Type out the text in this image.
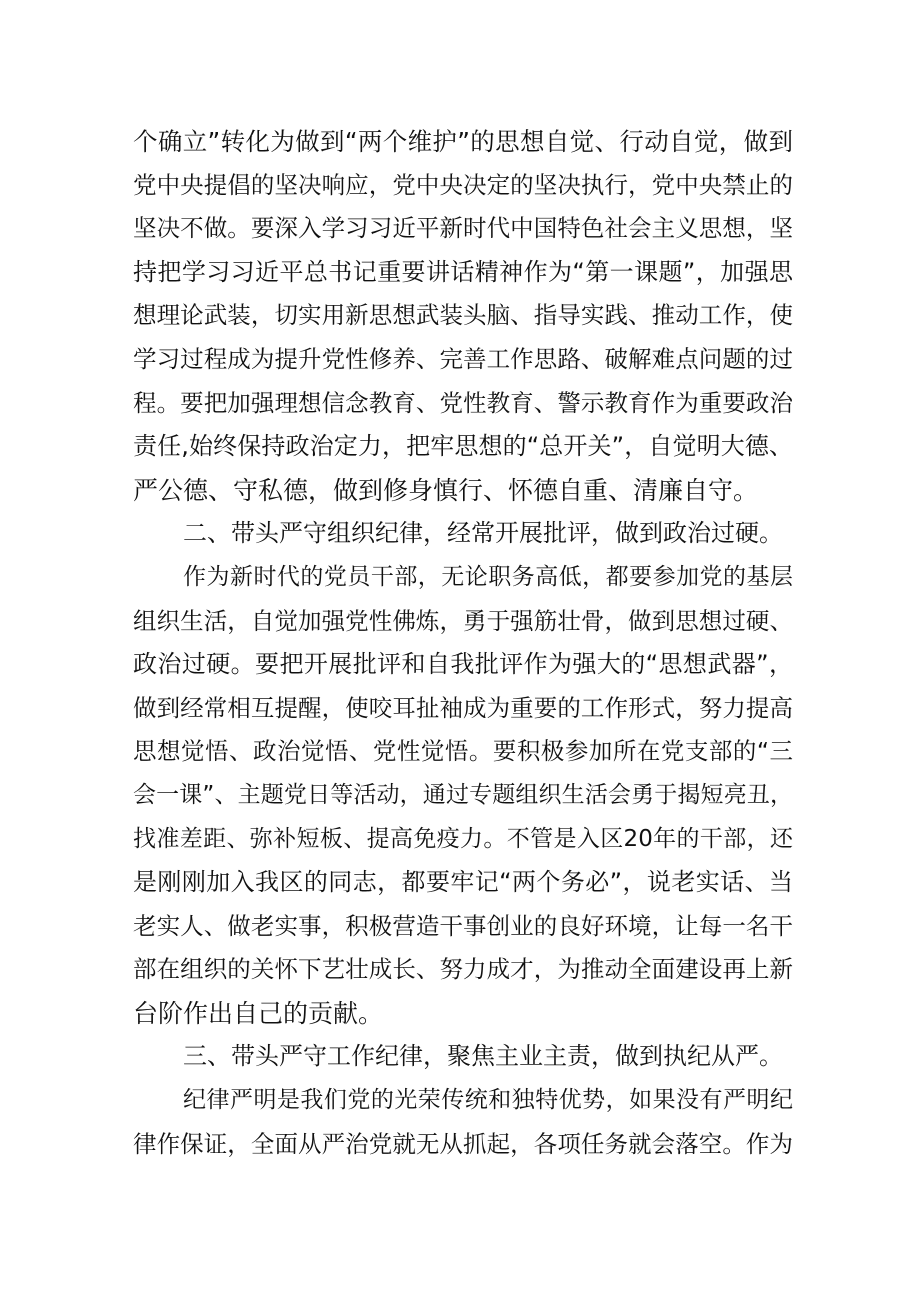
个确立”转化为做到“两个维护”的思想自觉、行动自觉，做到
党中央提倡的坚决响应，党中央决定的坚决执行，党中央禁止的
坚决不做。要深入学习习近平新时代中国特色社会主义思想，坚
持把学习习近平总书记重要讲话精神作为“第一课题”，加强思
想理论武装，切实用新思想武装头脑、指导实践、推动工作，使
学习过程成为提升党性修养、完善工作思路、破解难点问题的过
程。要把加强理想信念教育、党性教育、警示教育作为重要政治
责任,始终保持政治定力，把牢思想的“总开关”，自觉明大德、
严公德、守私德，做到修身慎行、怀德自重、清廉自守。
二、带头严守组织纪律，经常开展批评，做到政治过硬。
作为新时代的党员干部，无论职务高低，都要参加党的基层
组织生活，自觉加强党性佛炼，勇于强筋壮骨，做到思想过硬、
政治过硬。要把开展批评和自我批评作为强大的“思想武器”，
做到经常相互提醒，使咬耳扯袖成为重要的工作形式，努力提高
思想觉悟、政治觉悟、党性觉悟。要积极参加所在党支部的“三
会一课”、主题党日等活动，通过专题组织生活会勇于揭短亮丑，
找准差距、弥补短板、提高免疫力。不管是入区20年的干部，还
是刚刚加入我区的同志，都要牢记“两个务必”，说老实话、当
老实人、做老实事，积极营造干事创业的良好环境，让每一名干
部在组织的关怀下艺壮成长、努力成才，为推动全面建设再上新
台阶作出自己的贡献。
三、带头严守工作纪律，聚焦主业主责，做到执纪从严。
纪律严明是我们党的光荣传统和独特优势，如果没有严明纪
律作保证，全面从严治党就无从抓起，各项任务就会落空。作为
